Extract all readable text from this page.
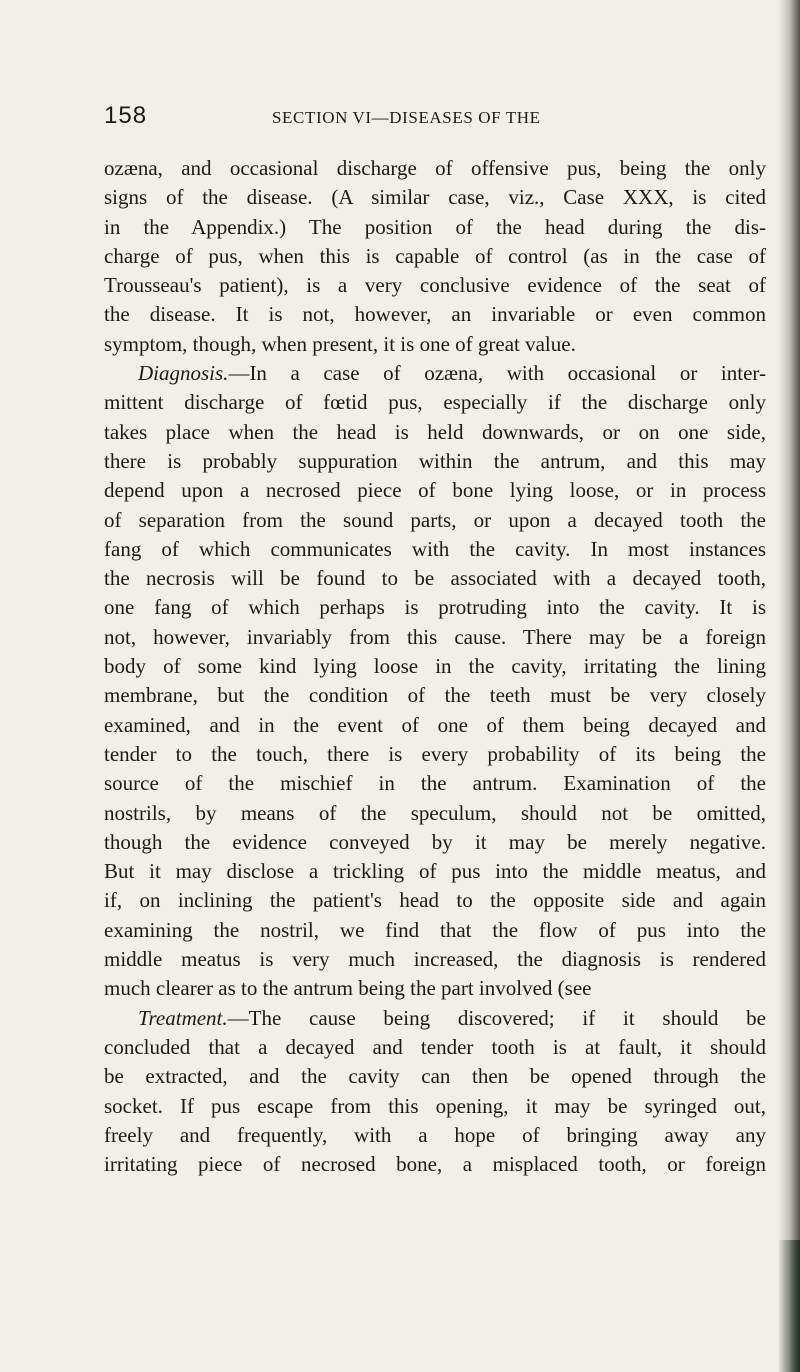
158	SECTION VI—DISEASES OF THE
ozæna, and occasional discharge of offensive pus, being the only
signs of the disease. (A similar case, viz., Case XXX, is cited
in the Appendix.) The position of the head during the dis-
charge of pus, when this is capable of control (as in the case of
Trousseau's patient), is a very conclusive evidence of the seat of
the disease. It is not, however, an invariable or even common
symptom, though, when present, it is one of great value.
Diagnosis.—In a case of ozæna, with occasional or inter-
mittent discharge of fœtid pus, especially if the discharge only
takes place when the head is held downwards, or on one side,
there is probably suppuration within the antrum, and this may
depend upon a necrosed piece of bone lying loose, or in process
of separation from the sound parts, or upon a decayed tooth the
fang of which communicates with the cavity. In most instances
the necrosis will be found to be associated with a decayed tooth,
one fang of which perhaps is protruding into the cavity. It is
not, however, invariably from this cause. There may be a foreign
body of some kind lying loose in the cavity, irritating the lining
membrane, but the condition of the teeth must be very closely
examined, and in the event of one of them being decayed and
tender to the touch, there is every probability of its being the
source of the mischief in the antrum. Examination of the
nostrils, by means of the speculum, should not be omitted,
though the evidence conveyed by it may be merely negative.
But it may disclose a trickling of pus into the middle meatus, and
if, on inclining the patient's head to the opposite side and again
examining the nostril, we find that the flow of pus into the
middle meatus is very much increased, the diagnosis is rendered
much clearer as to the antrum being the part involved (see
Treatment.—The cause being discovered; if it should be
concluded that a decayed and tender tooth is at fault, it should
be extracted, and the cavity can then be opened through the
socket. If pus escape from this opening, it may be syringed out,
freely and frequently, with a hope of bringing away any
irritating piece of necrosed bone, a misplaced tooth, or foreign
